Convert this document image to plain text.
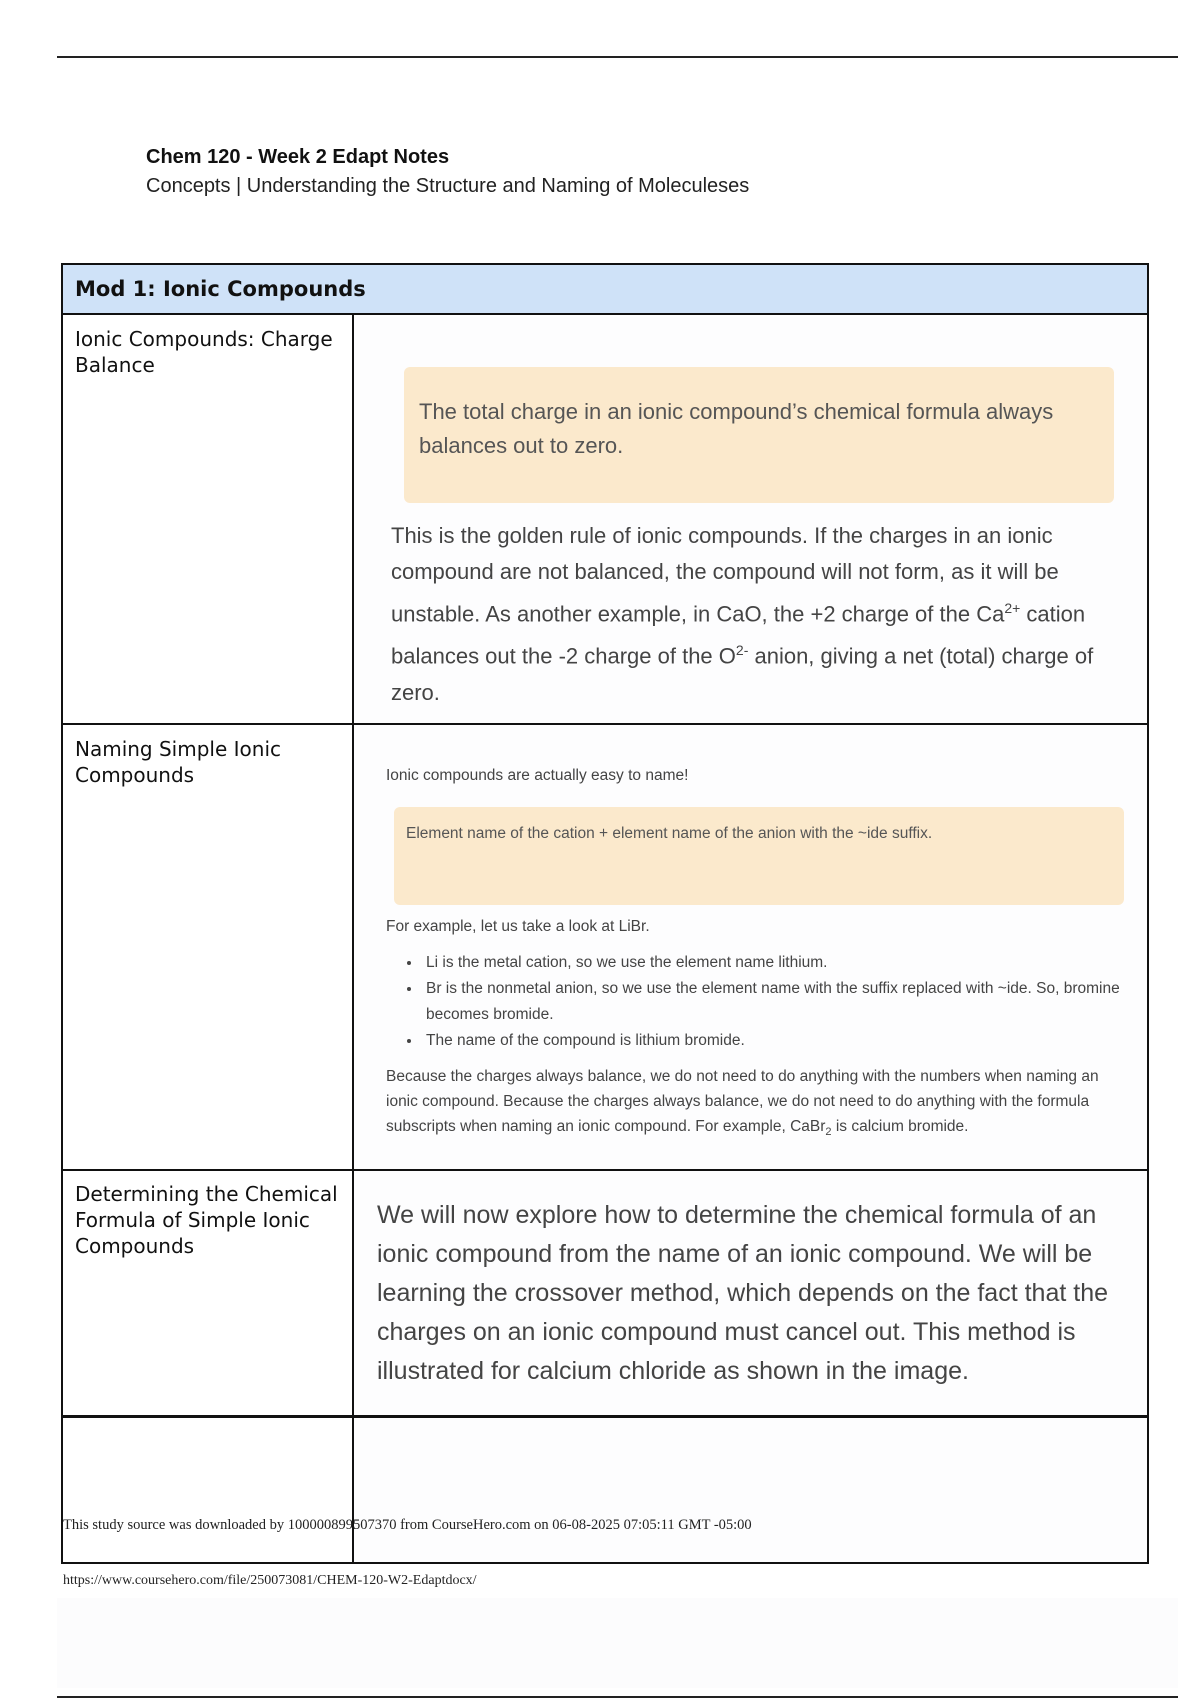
Chem 120 - Week 2 Edapt Notes
Concepts | Understanding the Structure and Naming of Moleculeses
Mod 1: Ionic Compounds
Ionic Compounds: Charge Balance
The total charge in an ionic compound’s chemical formula always balances out to zero.
This is the golden rule of ionic compounds. If the charges in an ionic compound are not balanced, the compound will not form, as it will be unstable. As another example, in CaO, the +2 charge of the $Ca^{2+}$ cation balances out the -2 charge of the $O^{2-}$ anion, giving a net (total) charge of zero.
Naming Simple Ionic Compounds	Ionic compounds are actually easy to name!
Element name of the cation + element name of the anion with the ~ide suffix.
For example, let us take a look at LiBr.
• Li is the metal cation, so we use the element name lithium.
• Br is the nonmetal anion, so we use the element name with the suffix replaced with ~ide. So, bromine becomes bromide.
• The name of the compound is lithium bromide.
Because the charges always balance, we do not need to do anything with the numbers when naming an ionic compound. Because the charges always balance, we do not need to do anything with the formula subscripts when naming an ionic compound. For example, CaBr$_2$ is calcium bromide.
Determining the Chemical Formula of Simple Ionic Compounds
We will now explore how to determine the chemical formula of an
ionic compound from the name of an ionic compound. We will be
learning the crossover method, which depends on the fact that the
charges on an ionic compound must cancel out. This method is
illustrated for calcium chloride as shown in the image.
This study source was downloaded by 100000899507370 from CourseHero.com on 06-08-2025 07:05:11 GMT -05:00
https://www.coursehero.com/file/250073081/CHEM-120-W2-Edaptdocx/
